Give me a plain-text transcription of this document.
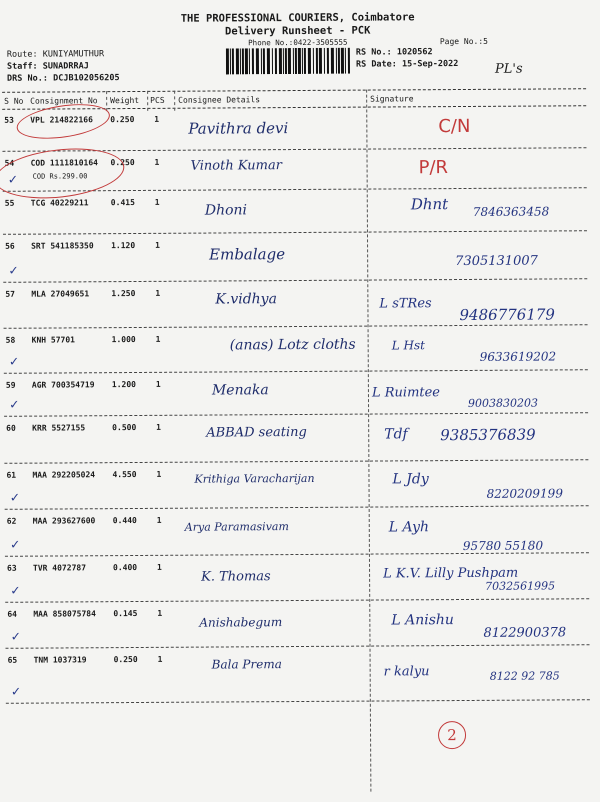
THE PROFESSIONAL COURIERS, Coimbatore
Delivery Runsheet - PCK
Phone No.:0422-3505555	Page No.:5
Route: KUNIYAMUTHUR
Staff: SUNADRRAJ
DRS No.: DCJB102056205
RS No.: 1020562
RS Date: 15-Sep-2022	PL's
S No Consignment No Weight PCS Consignee Details	Signature
53 VPL 214822166 0.250 1 Pavithra devi	C/N
54 COD 1111810164 0.250 1
COD Rs.299.00
Vinoth Kumar	P/R
✓
55 TCG 40229211	0.415 1	Dhoni	Dhnt 7846363458
56 SRT 541185350 1.120 1	Embalage	7305131007
✓
57 MLA 27049651	1.250 1	K.vidhya	L sTRes
9486776179
58 KNH 57701	1.000 1	(anas) Lotz cloths	L Hst
9633619202
✓
59 AGR 700354719 1.200 1	Menaka	L Ruimtee
9003830203
✓
60 KRR 5527155	0.500 1	ABBAD seating	Tdf 9385376839
61 MAA 292205024 4.550 1	Krithiga Varacharijan	L Jdy
8220209199
✓
62 MAA 293627600 0.440 1 Arya Paramasivam	L Ayh
95780 55180
✓
63 TVR 4072787	0.400 1
K. Thomas	L K.V. Lilly Pushpam
7032561995
✓
64 MAA 858075784 0.145 1
Anishabegum	L Anishu
8122900378
✓
65 TNM 1037319	0.250 1	Bala Prema	r kalyu	8122 92 785
✓
2
